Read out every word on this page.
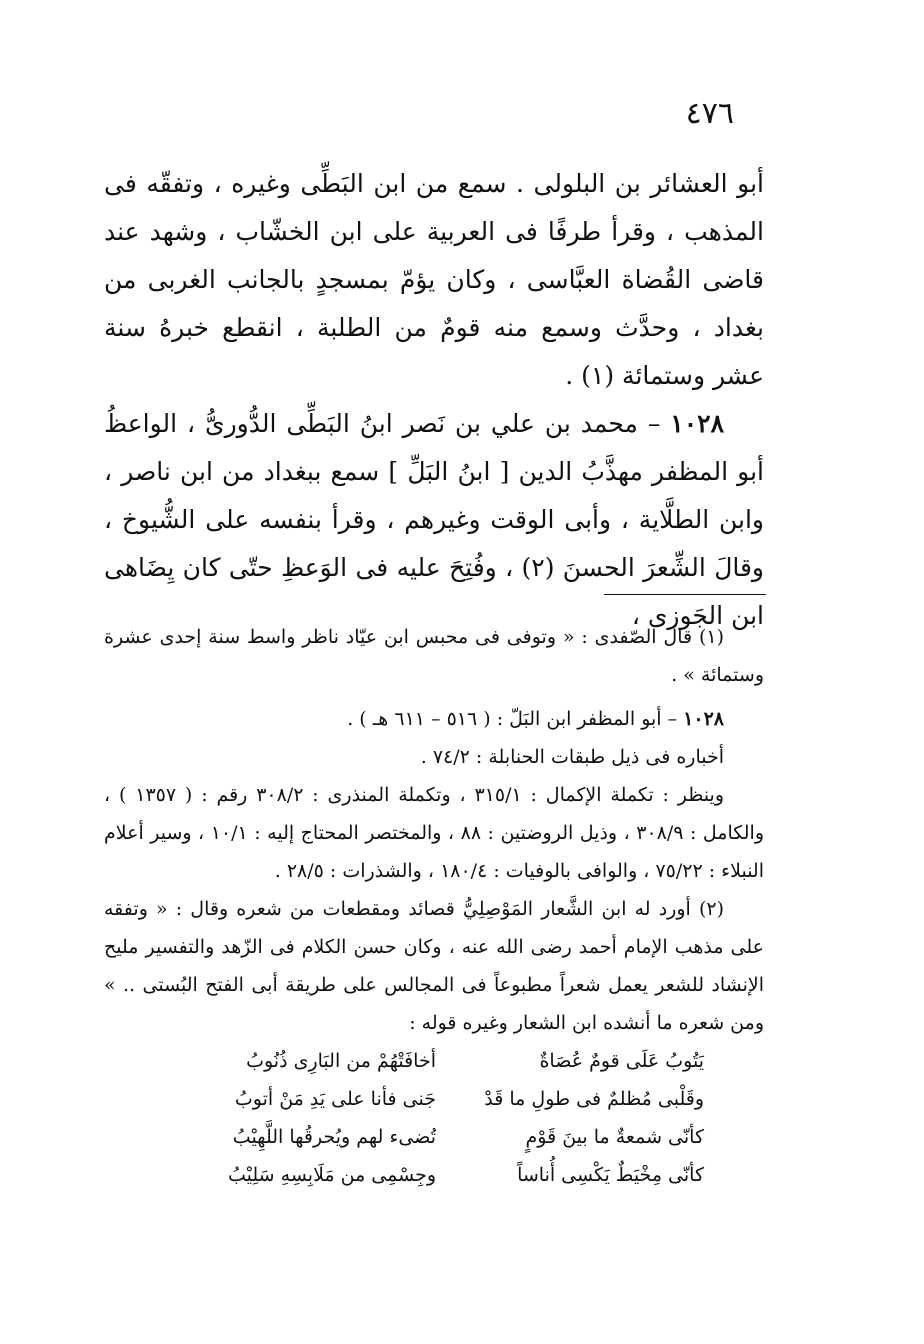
٤٧٦

أبو العشائر بن البلولى . سمع من ابن البَطِّى وغيره ، وتفقّه فى المذهب ، وقرأ طرفًا فى العربية على ابن الخشّاب ، وشهد عند قاضى القُضاة العبَّاسى ، وكان يؤمّ بمسجدٍ بالجانب الغربى من بغداد ، وحدَّث وسمع منه قومٌ من الطلبة ، انقطع خبرهُ سنة عشر وستمائة (١) .

١٠٢٨ – محمد بن علي بن نَصر ابنُ البَطِّى الدُّورىُّ ، الواعظُ أبو المظفر مهذَّبُ الدين [ ابنُ البَلِّ ] سمع ببغداد من ابن ناصر ، وابن الطلَّاية ، وأبى الوقت وغيرهم ، وقرأ بنفسه على الشُّيوخ ، وقالَ الشِّعرَ الحسنَ (٢) ، وفُتِحَ عليه فى الوَعظِ حتّى كان يِضَاهى ابن الجَوزى ،

(١) قال الصّفدى : « وتوفى فى محبس ابن عيّاد ناظر واسط سنة إحدى عشرة وستمائة » .

١٠٢٨ – أبو المظفر ابن البَلّ : ( ٥١٦ – ٦١١ هـ ) .

أخباره فى ذيل طبقات الحنابلة : ٧٤/٢ .

وينظر : تكملة الإكمال : ٣١٥/١ ، وتكملة المنذرى : ٣٠٨/٢ رقم : ( ١٣٥٧ ) ، والكامل : ٣٠٨/٩ ، وذيل الروضتين : ٨٨ ، والمختصر المحتاج إليه : ١٠/١ ، وسير أعلام النبلاء : ٧٥/٢٢ ، والوافى بالوفيات : ١٨٠/٤ ، والشذرات : ٢٨/٥ .

(٢) أورد له ابن الشَّعار المَوْصِلِيُّ قصائد ومقطعات من شعره وقال : « وتفقه على مذهب الإمام أحمد رضى الله عنه ، وكان حسن الكلام فى الزّهد والتفسير مليح الإنشاد للشعر يعمل شعراً مطبوعاً فى المجالس على طريقة أبى الفتح البُستى .. » ومن شعره ما أنشده ابن الشعار وغيره قوله :

يَتُوبُ عَلَى قومٌ عُصَاةٌ
أخافَتْهُمْ من البَارِى ذُنُوبُ
وقَلْبى مُظلمٌ فى طولِ ما قَدْ
جَنى فأنا على يَدِ مَنْ أتوبُ
كأنّى شمعةٌ ما بينَ قَوْمٍ
تُضىء لهم ويُحرقُها اللَّهِيْبُ
كأنّى مِخْيَطٌ يَكْسِى أُناساً
وجِسْمِى من مَلَابِسِهِ سَلِيْبُ
